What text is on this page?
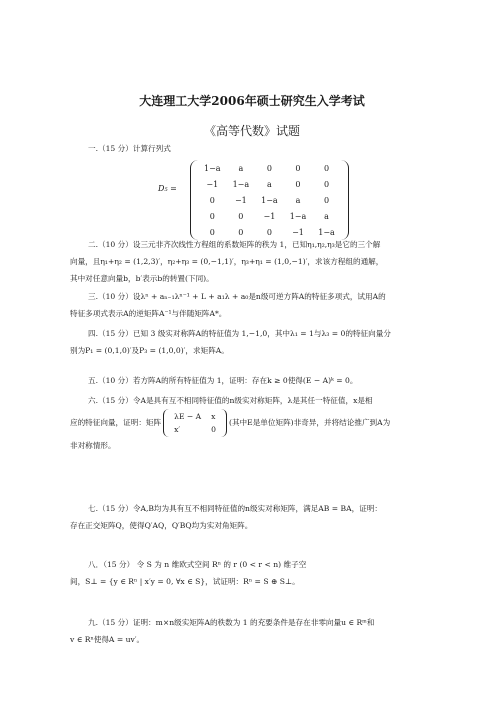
大连理工大学2006年硕士研究生入学考试
《高等代数》试题
一.（15 分）计算行列式
D₅ =
1−a	a	0	0	0
−1	1−a	a	0	0
0	−1	1−a	a	0
0	0	−1	1−a	a
0	0	0	−1	1−a
二.（10 分）设三元非齐次线性方程组的系数矩阵的秩为 1，已知η₁,η₂,η₃是它的三个解
向量，且η₁+η₂ = (1,2,3)′，η₂+η₃ = (0,−1,1)′，η₃+η₁ = (1,0,−1)′，求该方程组的通解，
其中对任意向量b，b′表示b的转置(下同)。
三.（10 分）设λⁿ + aₙ₋₁λⁿ⁻¹ + L + a₁λ + a₀是n级可逆方阵A的特征多项式，试用A的
特征多项式表示A的逆矩阵A⁻¹与伴随矩阵A*。
四.（15 分）已知 3 级实对称阵A的特征值为 1,−1,0，其中λ₁ = 1与λ₃ = 0的特征向量分
别为P₁ = (0,1,0)′及P₃ = (1,0,0)′，求矩阵A。
五.（10 分）若方阵A的所有特征值为 1，证明：存在k ≥ 0使得(E − A)ᵏ = 0。
六.（15 分）令A是具有互不相同特征值的n级实对称矩阵，λ是其任一特征值，x是相
应的特征向量，证明：矩阵
λE − A	x
x′	0
(其中E是单位矩阵)非奇异，并将结论推广到A为
非对称情形。
七.（15 分）令A,B均为具有互不相同特征值的n级实对称矩阵，满足AB = BA，证明：
存在正交矩阵Q，使得Q′AQ，Q′BQ均为实对角矩阵。
八．（15 分） 令 S 为 n 维欧式空间 Rⁿ 的 r (0 < r < n) 维子空
间，S⊥ = {y ∈ Rⁿ | x′y = 0, ∀x ∈ S}，试证明：Rⁿ = S ⊕ S⊥。
九.（15 分）证明：m×n级实矩阵A的秩数为 1 的充要条件是存在非零向量u ∈ Rᵐ和
v ∈ Rⁿ使得A = uv′。
